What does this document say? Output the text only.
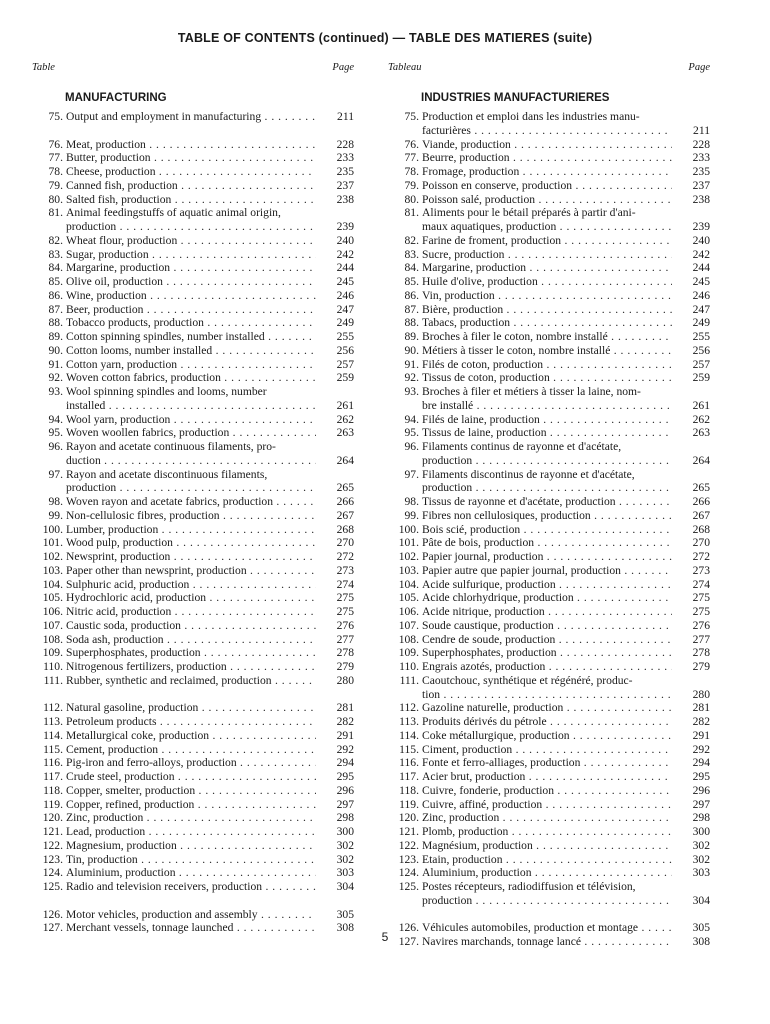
TABLE OF CONTENTS (continued) — TABLE DES MATIERES (suite)
Table	Page
MANUFACTURING
75. Output and employment in manufacturing . . .	211
76. Meat, production . . .	228
77. Butter, production . . .	233
78. Cheese, production . . .	235
79. Canned fish, production . . .	237
80. Salted fish, production . . .	238
81. Animal feedingstuffs of aquatic animal origin,
production . . .	239
82. Wheat flour, production . . .	240
83. Sugar, production . . .	242
84. Margarine, production . . .	244
85. Olive oil, production . . .	245
86. Wine, production . . .	246
87. Beer, production . . .	247
88. Tobacco products, production . . .	249
89. Cotton spinning spindles, number installed . . .	255
90. Cotton looms, number installed . . .	256
91. Cotton yarn, production . . .	257
92. Woven cotton fabrics, production . . .	259
93. Wool spinning spindles and looms, number
installed . . .	261
94. Wool yarn, production . . .	262
95. Woven woollen fabrics, production . . .	263
96. Rayon and acetate continuous filaments, pro-
duction . . .	264
97. Rayon and acetate discontinuous filaments,
production . . .	265
98. Woven rayon and acetate fabrics, production . . .	266
99. Non-cellulosic fibres, production . . .	267
100. Lumber, production . . .	268
101. Wood pulp, production . . .	270
102. Newsprint, production . . .	272
103. Paper other than newsprint, production . . .	273
104. Sulphuric acid, production . . .	274
105. Hydrochloric acid, production . . .	275
106. Nitric acid, production . . .	275
107. Caustic soda, production . . .	276
108. Soda ash, production . . .	277
109. Superphosphates, production . . .	278
110. Nitrogenous fertilizers, production . . .	279
111. Rubber, synthetic and reclaimed, production . . .	280
112. Natural gasoline, production . . .	281
113. Petroleum products . . .	282
114. Metallurgical coke, production . . .	291
115. Cement, production . . .	292
116. Pig-iron and ferro-alloys, production . . .	294
117. Crude steel, production . . .	295
118. Copper, smelter, production . . .	296
119. Copper, refined, production . . .	297
120. Zinc, production . . .	298
121. Lead, production . . .	300
122. Magnesium, production . . .	302
123. Tin, production . . .	302
124. Aluminium, production . . .	303
125. Radio and television receivers, production . . .	304
126. Motor vehicles, production and assembly . . .	305
127. Merchant vessels, tonnage launched . . .	308
Tableau	Page
INDUSTRIES MANUFACTURIERES
75. Production et emploi dans les industries manu-
facturières . . .	211
76. Viande, production . . .	228
77. Beurre, production . . .	233
78. Fromage, production . . .	235
79. Poisson en conserve, production . . .	237
80. Poisson salé, production . . .	238
81. Aliments pour le bétail préparés à partir d'ani-
maux aquatiques, production . . .	239
82. Farine de froment, production . . .	240
83. Sucre, production . . .	242
84. Margarine, production . . .	244
85. Huile d'olive, production . . .	245
86. Vin, production . . .	246
87. Bière, production . . .	247
88. Tabacs, production . . .	249
89. Broches à filer le coton, nombre installé . . .	255
90. Métiers à tisser le coton, nombre installé . . .	256
91. Filés de coton, production . . .	257
92. Tissus de coton, production . . .	259
93. Broches à filer et métiers à tisser la laine, nom-
bre installé . . .	261
94. Filés de laine, production . . .	262
95. Tissus de laine, production . . .	263
96. Filaments continus de rayonne et d'acétate,
production . . .	264
97. Filaments discontinus de rayonne et d'acétate,
production . . .	265
98. Tissus de rayonne et d'acétate, production . . .	266
99. Fibres non cellulosiques, production . . .	267
100. Bois scié, production . . .	268
101. Pâte de bois, production . . .	270
102. Papier journal, production . . .	272
103. Papier autre que papier journal, production . . .	273
104. Acide sulfurique, production . . .	274
105. Acide chlorhydrique, production . . .	275
106. Acide nitrique, production . . .	275
107. Soude caustique, production . . .	276
108. Cendre de soude, production . . .	277
109. Superphosphates, production . . .	278
110. Engrais azotés, production . . .	279
111. Caoutchouc, synthétique et régénéré, produc-
tion . . .	280
112. Gazoline naturelle, production . . .	281
113. Produits dérivés du pétrole . . .	282
114. Coke métallurgique, production . . .	291
115. Ciment, production . . .	292
116. Fonte et ferro-alliages, production . . .	294
117. Acier brut, production . . .	295
118. Cuivre, fonderie, production . . .	296
119. Cuivre, affiné, production . . .	297
120. Zinc, production . . .	298
121. Plomb, production . . .	300
122. Magnésium, production . . .	302
123. Etain, production . . .	302
124. Aluminium, production . . .	303
125. Postes récepteurs, radiodiffusion et télévision,
production . . .	304
126. Véhicules automobiles, production et montage . . .	305
127. Navires marchands, tonnage lancé . . .	308
5
